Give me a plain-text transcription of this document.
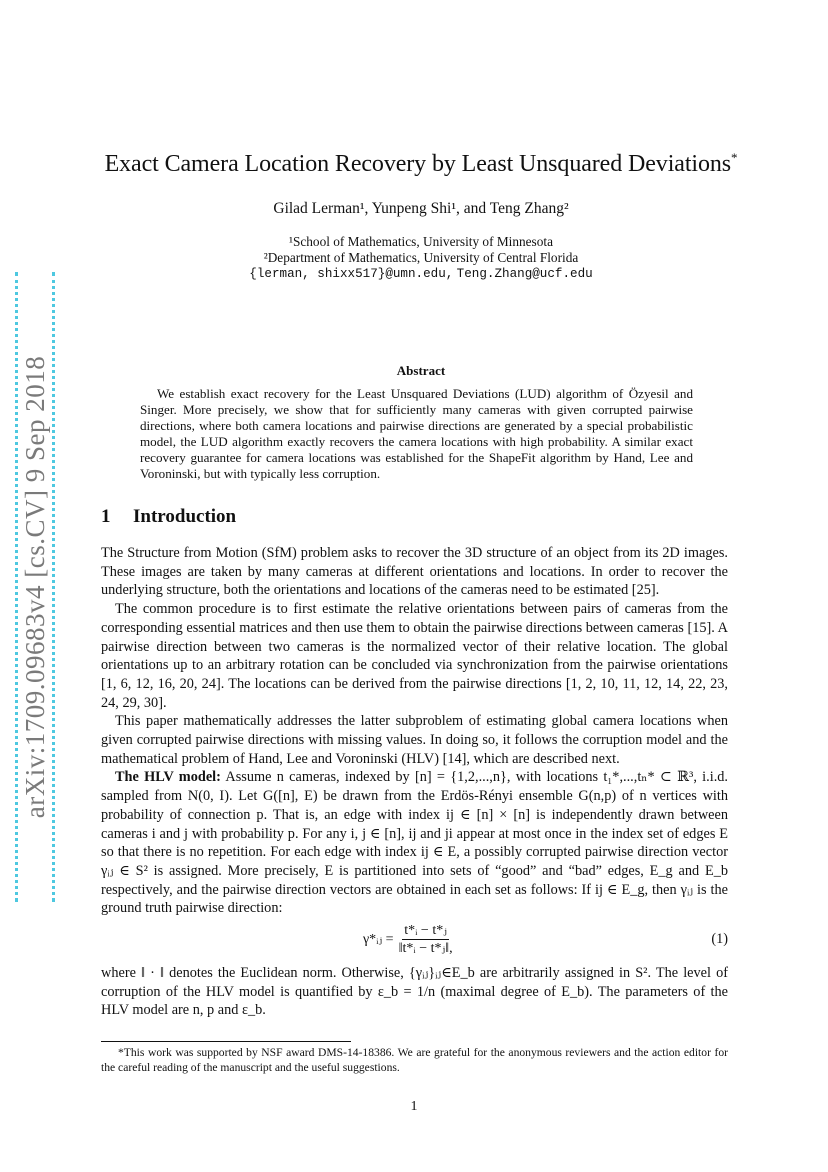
arXiv:1709.09683v4 [cs.CV] 9 Sep 2018
Exact Camera Location Recovery by Least Unsquared Deviations*
Gilad Lerman¹, Yunpeng Shi¹, and Teng Zhang²
¹School of Mathematics, University of Minnesota
²Department of Mathematics, University of Central Florida
{lerman, shixx517}@umn.edu, Teng.Zhang@ucf.edu
Abstract

We establish exact recovery for the Least Unsquared Deviations (LUD) algorithm of Özyesil and Singer. More precisely, we show that for sufficiently many cameras with given corrupted pairwise directions, where both camera locations and pairwise directions are generated by a special probabilistic model, the LUD algorithm exactly recovers the camera locations with high probability. A similar exact recovery guarantee for camera locations was established for the ShapeFit algorithm by Hand, Lee and Voroninski, but with typically less corruption.

1 Introduction

The Structure from Motion (SfM) problem asks to recover the 3D structure of an object from its 2D images. These images are taken by many cameras at different orientations and locations. In order to recover the underlying structure, both the orientations and locations of the cameras need to be estimated [25].

The common procedure is to first estimate the relative orientations between pairs of cameras from the corresponding essential matrices and then use them to obtain the pairwise directions between cameras [15]. A pairwise direction between two cameras is the normalized vector of their relative location. The global orientations up to an arbitrary rotation can be concluded via synchronization from the pairwise orientations [1, 6, 12, 16, 20, 24]. The locations can be derived from the pairwise directions [1, 2, 10, 11, 12, 14, 22, 23, 24, 29, 30].

This paper mathematically addresses the latter subproblem of estimating global camera locations when given corrupted pairwise directions with missing values. In doing so, it follows the corruption model and the mathematical problem of Hand, Lee and Voroninski (HLV) [14], which are described next.

The HLV model: Assume n cameras, indexed by [n] = {1,2,...,n}, with locations t₁*,...,tₙ* ⊂ ℝ³, i.i.d. sampled from N(0, I). Let G([n], E) be drawn from the Erdös-Rényi ensemble G(n,p) of n vertices with probability of connection p. That is, an edge with index ij ∈ [n] × [n] is independently drawn between cameras i and j with probability p. For any i, j ∈ [n], ij and ji appear at most once in the index set of edges E so that there is no repetition. For each edge with index ij ∈ E, a possibly corrupted pairwise direction vector γᵢⱼ ∈ S² is assigned. More precisely, E is partitioned into sets of “good” and “bad” edges, E_g and E_b respectively, and the pairwise direction vectors are obtained in each set as follows: If ij ∈ E_g, then γᵢⱼ is the ground truth pairwise direction:

γ*ᵢⱼ = $\frac{\text{t*ᵢ − t*ⱼ}}{\text{‖t*ᵢ − t*ⱼ‖,}}$	(1)

where ‖ · ‖ denotes the Euclidean norm. Otherwise, {γᵢⱼ}ᵢⱼ∈E_b are arbitrarily assigned in S². The level of corruption of the HLV model is quantified by ε_b = 1/n (maximal degree of E_b). The parameters of the HLV model are n, p and ε_b.

*This work was supported by NSF award DMS-14-18386. We are grateful for the anonymous reviewers and the action editor for the careful reading of the manuscript and the useful suggestions.

1
